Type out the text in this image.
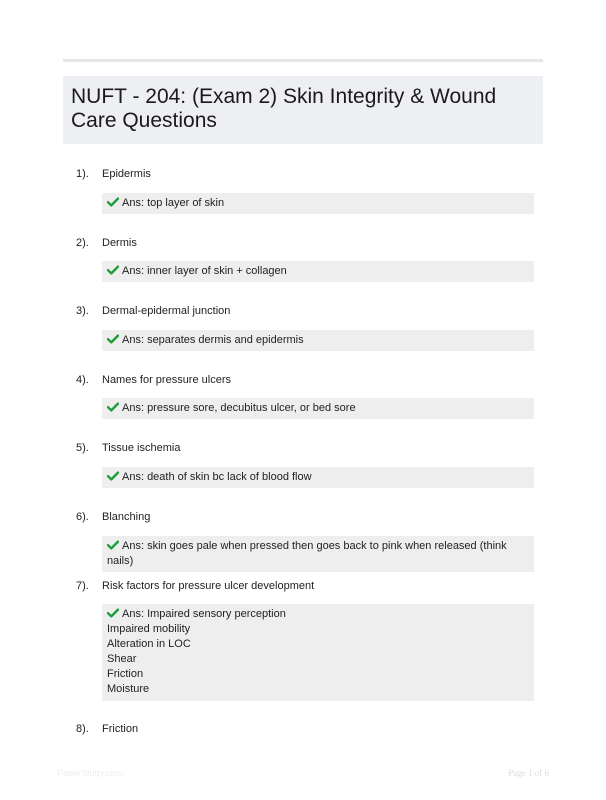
NUFT - 204: (Exam 2) Skin Integrity & Wound Care Questions
1). Epidermis
Ans: top layer of skin
2). Dermis
Ans: inner layer of skin + collagen
3). Dermal-epidermal junction
Ans: separates dermis and epidermis
4). Names for pressure ulcers
Ans: pressure sore, decubitus ulcer, or bed sore
5). Tissue ischemia
Ans: death of skin bc lack of blood flow
6). Blanching
Ans: skin goes pale when pressed then goes back to pink when released (think nails)
7). Risk factors for pressure ulcer development
Ans: Impaired sensory perception
Impaired mobility
Alteration in LOC
Shear
Friction
Moisture
8). Friction
PaperStudy.com	Page 1 of 6
